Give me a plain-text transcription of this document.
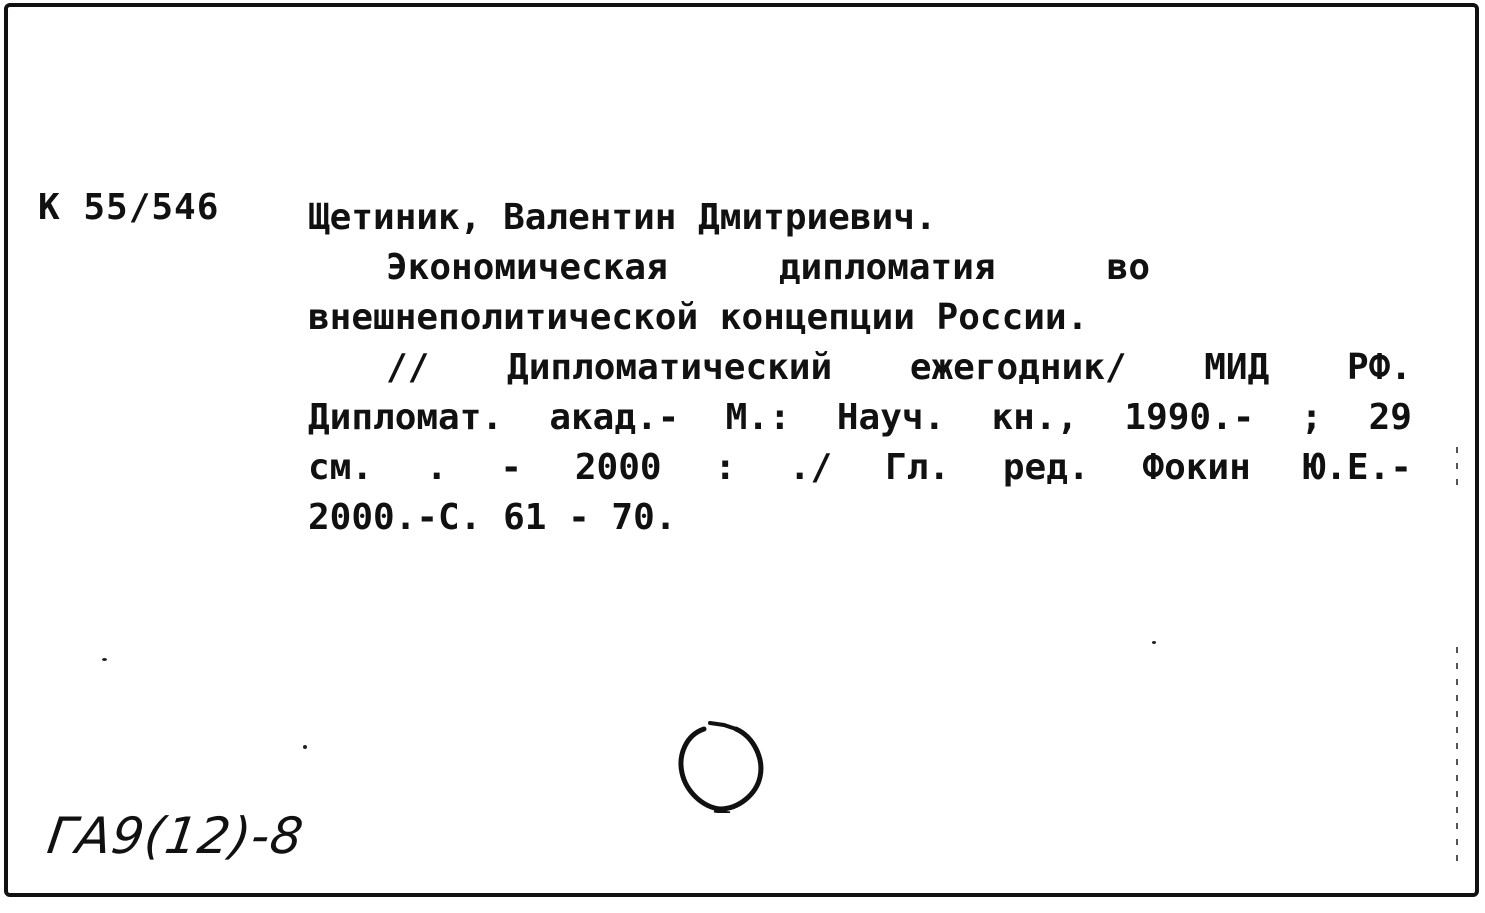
К 55/546 Щетиник, Валентин Дмитриевич.
Экономическая	дипломатия	во
внешнеполитической концепции России.
// Дипломатический ежегодник/ МИД РФ.
Дипломат. акад.- М.: Науч. кн., 1990.- ; 29
см. . - 2000 : ./ Гл. ред. Фокин Ю.Е.-
2000.-С. 61 - 70.
ГА9(12)-8
